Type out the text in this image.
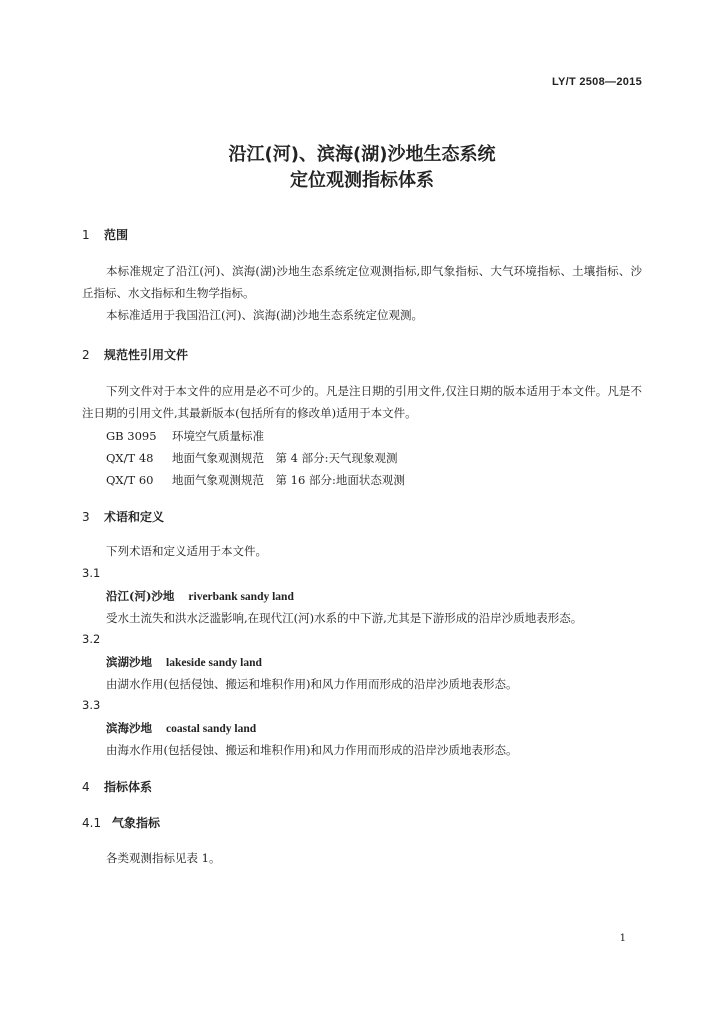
LY/T 2508—2015
沿江(河)、滨海(湖)沙地生态系统
定位观测指标体系
1 范围
本标准规定了沿江(河)、滨海(湖)沙地生态系统定位观测指标,即气象指标、大气环境指标、土壤指标、沙丘指标、水文指标和生物学指标。
本标准适用于我国沿江(河)、滨海(湖)沙地生态系统定位观测。
2 规范性引用文件
下列文件对于本文件的应用是必不可少的。凡是注日期的引用文件,仅注日期的版本适用于本文件。凡是不注日期的引用文件,其最新版本(包括所有的修改单)适用于本文件。
GB 3095 环境空气质量标准
QX/T 48 地面气象观测规范　第 4 部分:天气现象观测
QX/T 60 地面气象观测规范　第 16 部分:地面状态观测
3 术语和定义
下列术语和定义适用于本文件。
3.1
沿江(河)沙地 riverbank sandy land
受水土流失和洪水泛滥影响,在现代江(河)水系的中下游,尤其是下游形成的沿岸沙质地表形态。
3.2
滨湖沙地 lakeside sandy land
由湖水作用(包括侵蚀、搬运和堆积作用)和风力作用而形成的沿岸沙质地表形态。
3.3
滨海沙地 coastal sandy land
由海水作用(包括侵蚀、搬运和堆积作用)和风力作用而形成的沿岸沙质地表形态。
4 指标体系
4.1 气象指标
各类观测指标见表 1。
1
